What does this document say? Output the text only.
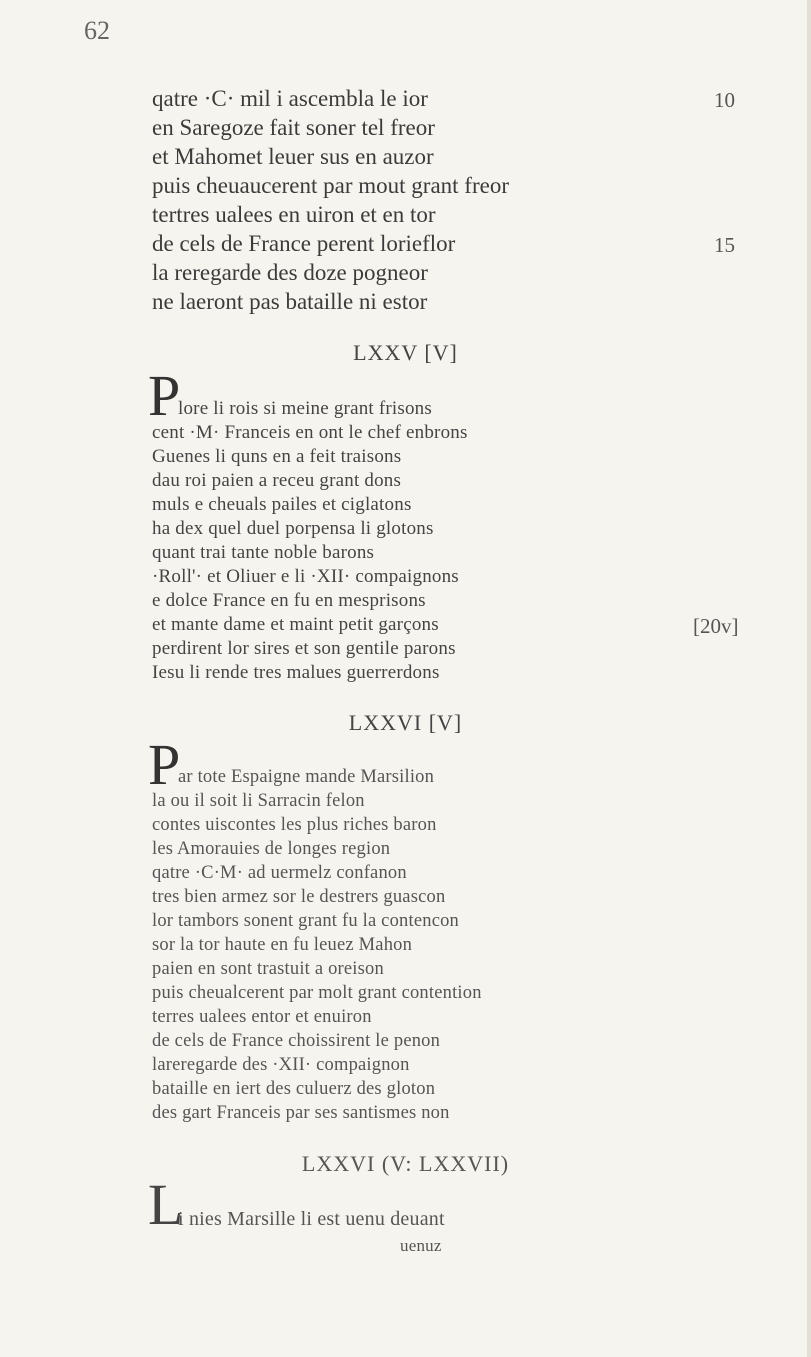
62
qatre ·C· mil i ascembla le ior
en Saregoze fait soner tel freor
et Mahomet leuer sus en auzor
puis cheuaucerent par mout grant freor
tertres ualees en uiron et en tor
de cels de France perent lorieflor
la reregarde des doze pogneor
ne laeront pas bataille ni estor
10
15
LXXV [V]
P
lore li rois si meine grant frisons
cent ·M· Franceis en ont le chef enbrons
Guenes li quns en a feit traisons
dau roi paien a receu grant dons
muls e cheuals pailes et ciglatons
ha dex quel duel porpensa li glotons
quant trai tante noble barons
·Roll'· et Oliuer e li ·XII· compaignons
e dolce France en fu en mesprisons
et mante dame et maint petit garçons
perdirent lor sires et son gentile parons
Iesu li rende tres malues guerrerdons
[20v]
LXXVI [V]
P
ar tote Espaigne mande Marsilion
la ou il soit li Sarracin felon
contes uiscontes les plus riches baron
les Amorauies de longes region
qatre ·C·M· ad uermelz confanon
tres bien armez sor le destrers guascon
lor tambors sonent grant fu la contencon
sor la tor haute en fu leuez Mahon
paien en sont trastuit a oreison
puis cheualcerent par molt grant contention
terres ualees entor et enuiron
de cels de France choissirent le penon
lareregarde des ·XII· compaignon
bataille en iert des culuerz des gloton
des gart Franceis par ses santismes non
LXXVI (V: LXXVII)
L
i nies Marsille li est uenu deuant
uenuz
